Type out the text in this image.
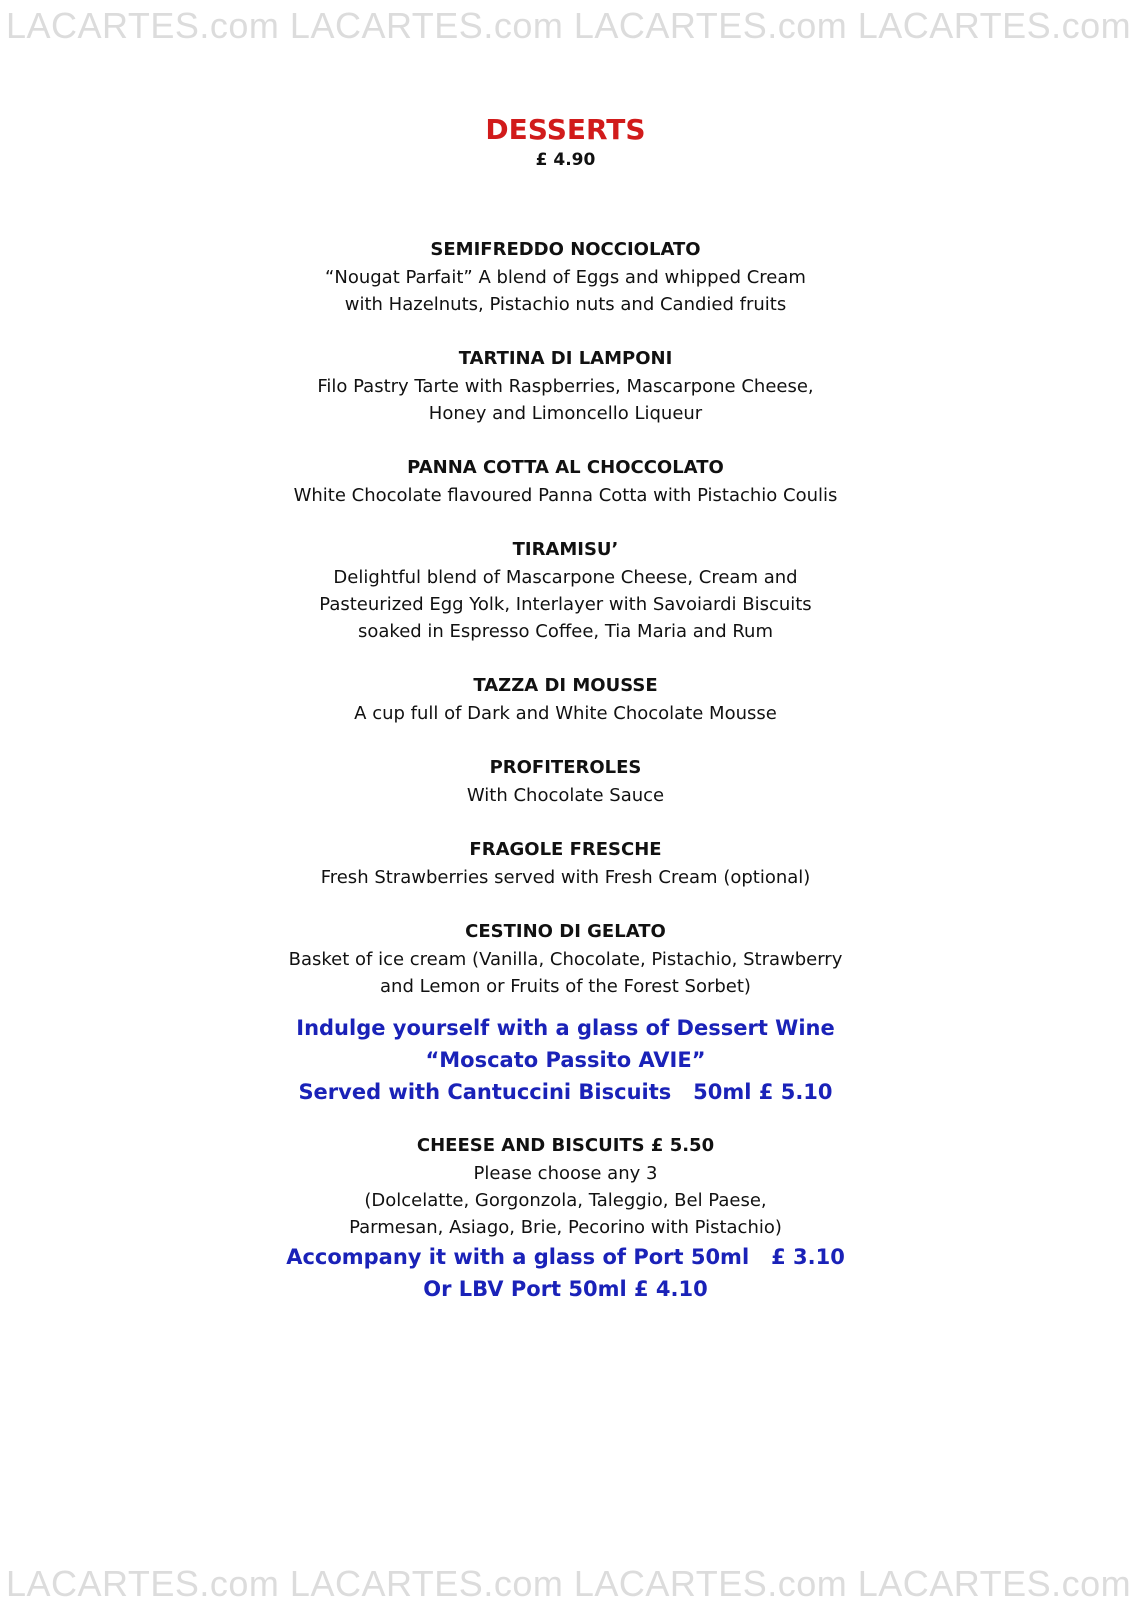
LACARTES.com LACARTES.com LACARTES.com LACARTES.com
DESSERTS
£ 4.90
SEMIFREDDO NOCCIOLATO
“Nougat Parfait” A blend of Eggs and whipped Cream
with Hazelnuts, Pistachio nuts and Candied fruits
TARTINA DI LAMPONI
Filo Pastry Tarte with Raspberries, Mascarpone Cheese,
Honey and Limoncello Liqueur
PANNA COTTA AL CHOCCOLATO
White Chocolate flavoured Panna Cotta with Pistachio Coulis
TIRAMISU’
Delightful blend of Mascarpone Cheese, Cream and
Pasteurized Egg Yolk, Interlayer with Savoiardi Biscuits
soaked in Espresso Coffee, Tia Maria and Rum
TAZZA DI MOUSSE
A cup full of Dark and White Chocolate Mousse
PROFITEROLES
With Chocolate Sauce
FRAGOLE FRESCHE
Fresh Strawberries served with Fresh Cream (optional)
CESTINO DI GELATO
Basket of ice cream (Vanilla, Chocolate, Pistachio, Strawberry
and Lemon or Fruits of the Forest Sorbet)
Indulge yourself with a glass of Dessert Wine
“Moscato Passito AVIE”
Served with Cantuccini Biscuits   50ml £ 5.10
CHEESE AND BISCUITS £ 5.50
Please choose any 3
(Dolcelatte, Gorgonzola, Taleggio, Bel Paese,
Parmesan, Asiago, Brie, Pecorino with Pistachio)
Accompany it with a glass of Port 50ml   £ 3.10
Or LBV Port 50ml £ 4.10
LACARTES.com LACARTES.com LACARTES.com LACARTES.com
